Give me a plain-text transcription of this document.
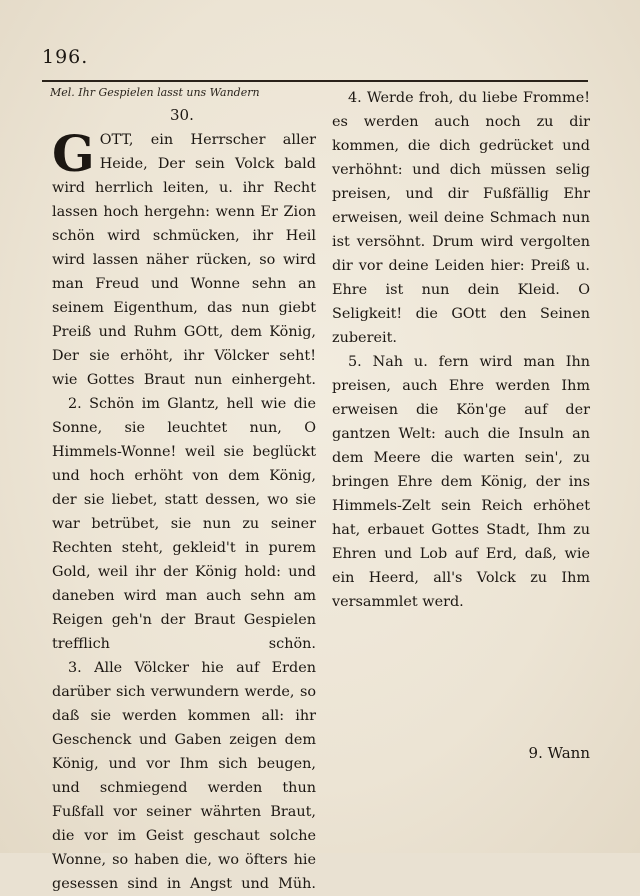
196.
Mel. Ihr Gespielen lasst uns Wandern
30.

GOTT, ein Herrscher aller Heide, Der sein Volck bald wird herrlich leiten, u. ihr Recht lassen hoch hergehn: wenn Er Zion schön wird schmücken, ihr Heil wird lassen näher rücken, so wird man Freud und Wonne sehn an seinem Eigenthum, das nun giebt Preiß und Ruhm GOtt, dem König, Der sie erhöht, ihr Völcker seht! wie Gottes Braut nun einhergeht.

2. Schön im Glantz, hell wie die Sonne, sie leuchtet nun, O Himmels-Wonne! weil sie beglückt und hoch erhöht von dem König, der sie liebet, statt dessen, wo sie war betrübet, sie nun zu seiner Rechten steht, gekleid't in purem Gold, weil ihr der König hold: und daneben wird man auch sehn am Reigen geh'n der Braut Gespielen trefflich schön.

3. Alle Völcker hie auf Erden darüber sich verwundern werde, so daß sie werden kommen all: ihr Geschenck und Gaben zeigen dem König, und vor Ihm sich beugen, und schmiegend werden thun Fußfall vor seiner währten Braut, die vor im Geist geschaut solche Wonne, so haben die, wo öfters hie gesessen sind in Angst und Müh.

4. Werde froh, du liebe Fromme! es werden auch noch zu dir kommen, die dich gedrücket und verhöhnt: und dich müssen selig preisen, und dir Fußfällig Ehr erweisen, weil deine Schmach nun ist versöhnt. Drum wird vergolten dir vor deine Leiden hier: Preiß u. Ehre ist nun dein Kleid. O Seligkeit! die GOtt den Seinen zubereit.

5. Nah u. fern wird man Ihn preisen, auch Ehre werden Ihm erweisen die Kön'ge auf der gantzen Welt: auch die Insuln an dem Meere die warten sein', zu bringen Ehre dem König, der ins Himmels-Zelt sein Reich erhöhet hat, erbauet Gottes Stadt, Ihm zu Ehren und Lob auf Erd, daß, wie ein Heerd, all's Volck zu Ihm versammlet werd.

9. Wann
